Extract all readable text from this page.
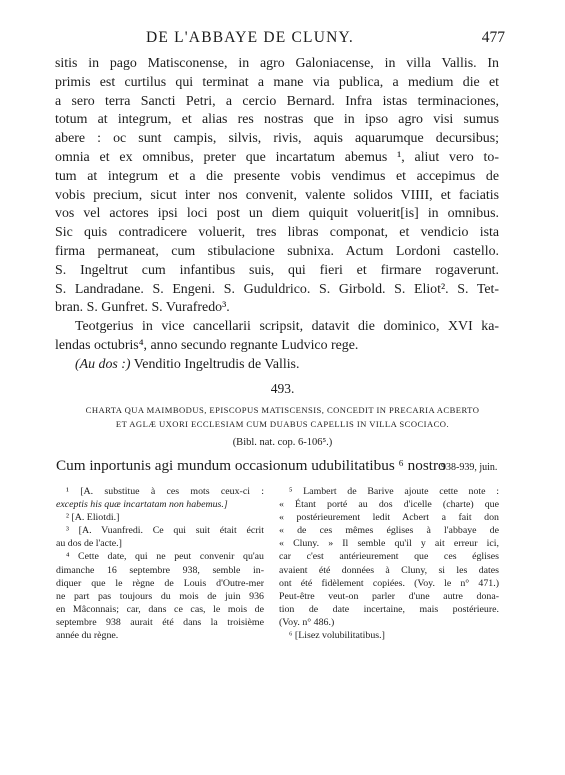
DE L'ABBAYE DE CLUNY.	477
sitis in pago Matisconense, in agro Galoniacense, in villa Vallis. In
primis est curtilus qui terminat a mane via publica, a medium die et
a sero terra Sancti Petri, a cercio Bernard. Infra istas terminaciones,
totum at integrum, et alias res nostras que in ipso agro visi sumus
abere : oc sunt campis, silvis, rivis, aquis aquarumque decursibus;
omnia et ex omnibus, preter que incartatum abemus ¹, aliut vero to-
tum at integrum et a die presente vobis vendimus et accepimus de
vobis precium, sicut inter nos convenit, valente solidos VIIII, et faciatis
vos vel actores ipsi loci post un diem quiquit voluerit[is] in omnibus.
Sic quis contradicere voluerit, tres libras componat, et vendicio ista
firma permaneat, cum stibulacione subnixa. Actum Lordoni castello.
S. Ingeltrut cum infantibus suis, qui fieri et firmare rogaverunt.
S. Landradane. S. Engeni. S. Guduldrico. S. Girbold. S. Eliot². S. Tet-
bran. S. Gunfret. S. Vurafredo³.
Teotgerius in vice cancellarii scripsit, datavit die dominico, XVI ka-
lendas octubris⁴, anno secundo regnante Ludvico rege.
(Au dos :) Venditio Ingeltrudis de Vallis.
493.
CHARTA QUA MAIMBODUS, EPISCOPUS MATISCENSIS, CONCEDIT IN PRECARIA ACBERTO
ET AGLÆ UXORI ECCLESIAM CUM DUABUS CAPELLIS IN VILLA SCOCIACO.
(Bibl. nat. cop. 6-106⁵.)
Cum inportunis agi mundum occasionum udubilitatibus ⁶ nostro
938-939, juin.
¹ [A. substitue à ces mots ceux-ci :
exceptis his quæ incartatam non habemus.]
² [A. Eliotdi.]
³ [A. Vuanfredi. Ce qui suit était écrit
au dos de l'acte.]
⁴ Cette date, qui ne peut convenir qu'au
dimanche 16 septembre 938, semble in-
diquer que le règne de Louis d'Outre-mer
ne part pas toujours du mois de juin 936
en Mâconnais; car, dans ce cas, le mois de
septembre 938 aurait été dans la troisième
année du règne.
⁵ Lambert de Barive ajoute cette note :
« Étant porté au dos d'icelle (charte) que
« postérieurement ledit Acbert a fait don
« de ces mêmes églises à l'abbaye de
« Cluny. » Il semble qu'il y ait erreur ici,
car c'est antérieurement que ces églises
avaient été données à Cluny, si les dates
ont été fidèlement copiées. (Voy. le n° 471.)
Peut-être veut-on parler d'une autre dona-
tion de date incertaine, mais postérieure.
(Voy. n° 486.)
⁶ [Lisez volubilitatibus.]
